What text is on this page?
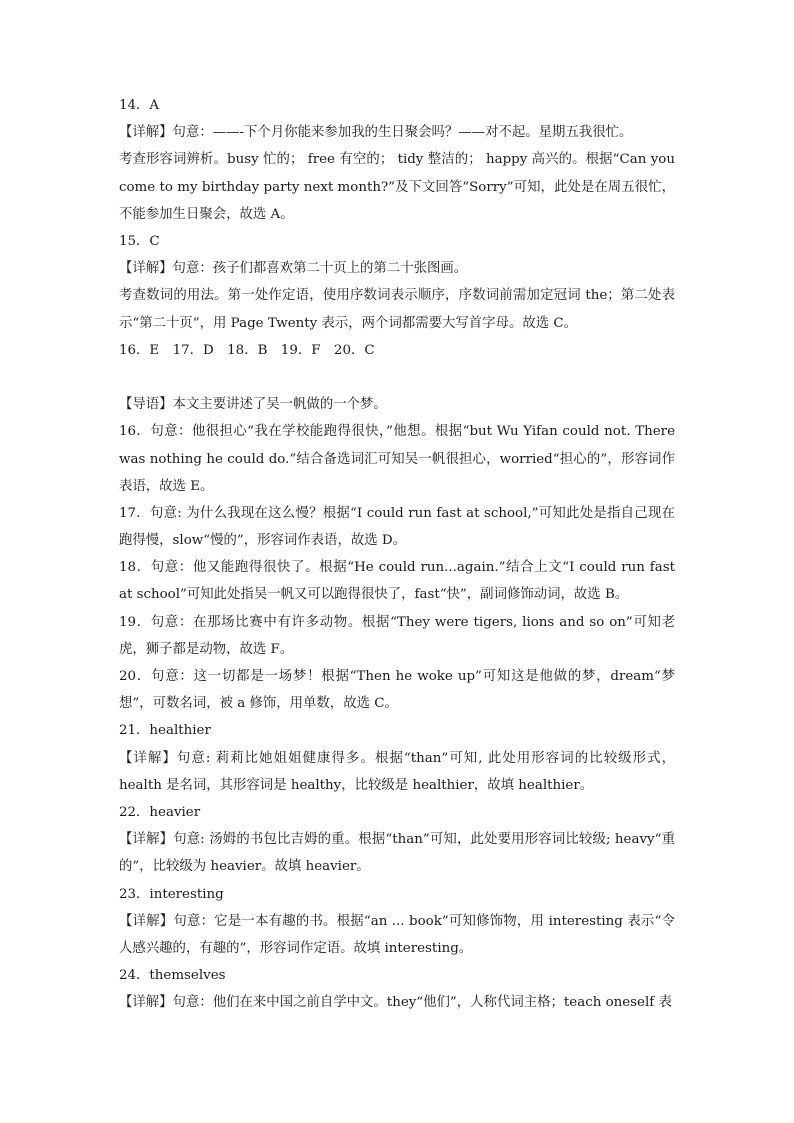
14．A
【详解】句意：——-下个月你能来参加我的生日聚会吗？——对不起。星期五我很忙。
考查形容词辨析。busy 忙的； free 有空的； tidy 整洁的； happy 高兴的。根据“Can you come to my birthday party next month?”及下文回答“Sorry”可知，此处是在周五很忙，不能参加生日聚会，故选 A。
15．C
【详解】句意：孩子们都喜欢第二十页上的第二十张图画。
考查数词的用法。第一处作定语，使用序数词表示顺序，序数词前需加定冠词 the；第二处表示“第二十页”，用 Page Twenty 表示，两个词都需要大写首字母。故选 C。
16．E　17．D　18．B　19．F　20．C
【导语】本文主要讲述了吴一帆做的一个梦。
16．句意：他很担心“我在学校能跑得很快，”他想。根据“but Wu Yifan could not. There was nothing he could do.”结合备选词汇可知吴一帆很担心，worried“担心的”，形容词作表语，故选 E。
17．句意: 为什么我现在这么慢？根据“I could run fast at school,”可知此处是指自己现在跑得慢，slow“慢的”，形容词作表语，故选 D。
18．句意：他又能跑得很快了。根据“He could run...again.”结合上文“I could run fast at school”可知此处指吴一帆又可以跑得很快了，fast“快”，副词修饰动词，故选 B。
19．句意：在那场比赛中有许多动物。根据“They were tigers, lions and so on”可知老虎，狮子都是动物，故选 F。
20．句意：这一切都是一场梦！根据“Then he woke up”可知这是他做的梦，dream“梦想”，可数名词，被 a 修饰，用单数，故选 C。
21．healthier
【详解】句意: 莉莉比她姐姐健康得多。根据“than”可知, 此处用形容词的比较级形式，health 是名词，其形容词是 healthy，比较级是 healthier，故填 healthier。
22．heavier
【详解】句意: 汤姆的书包比吉姆的重。根据“than”可知，此处要用形容词比较级; heavy“重的”，比较级为 heavier。故填 heavier。
23．interesting
【详解】句意：它是一本有趣的书。根据“an ... book”可知修饰物，用 interesting 表示“令人感兴趣的，有趣的”，形容词作定语。故填 interesting。
24．themselves
【详解】句意：他们在来中国之前自学中文。they“他们”，人称代词主格；teach oneself 表
